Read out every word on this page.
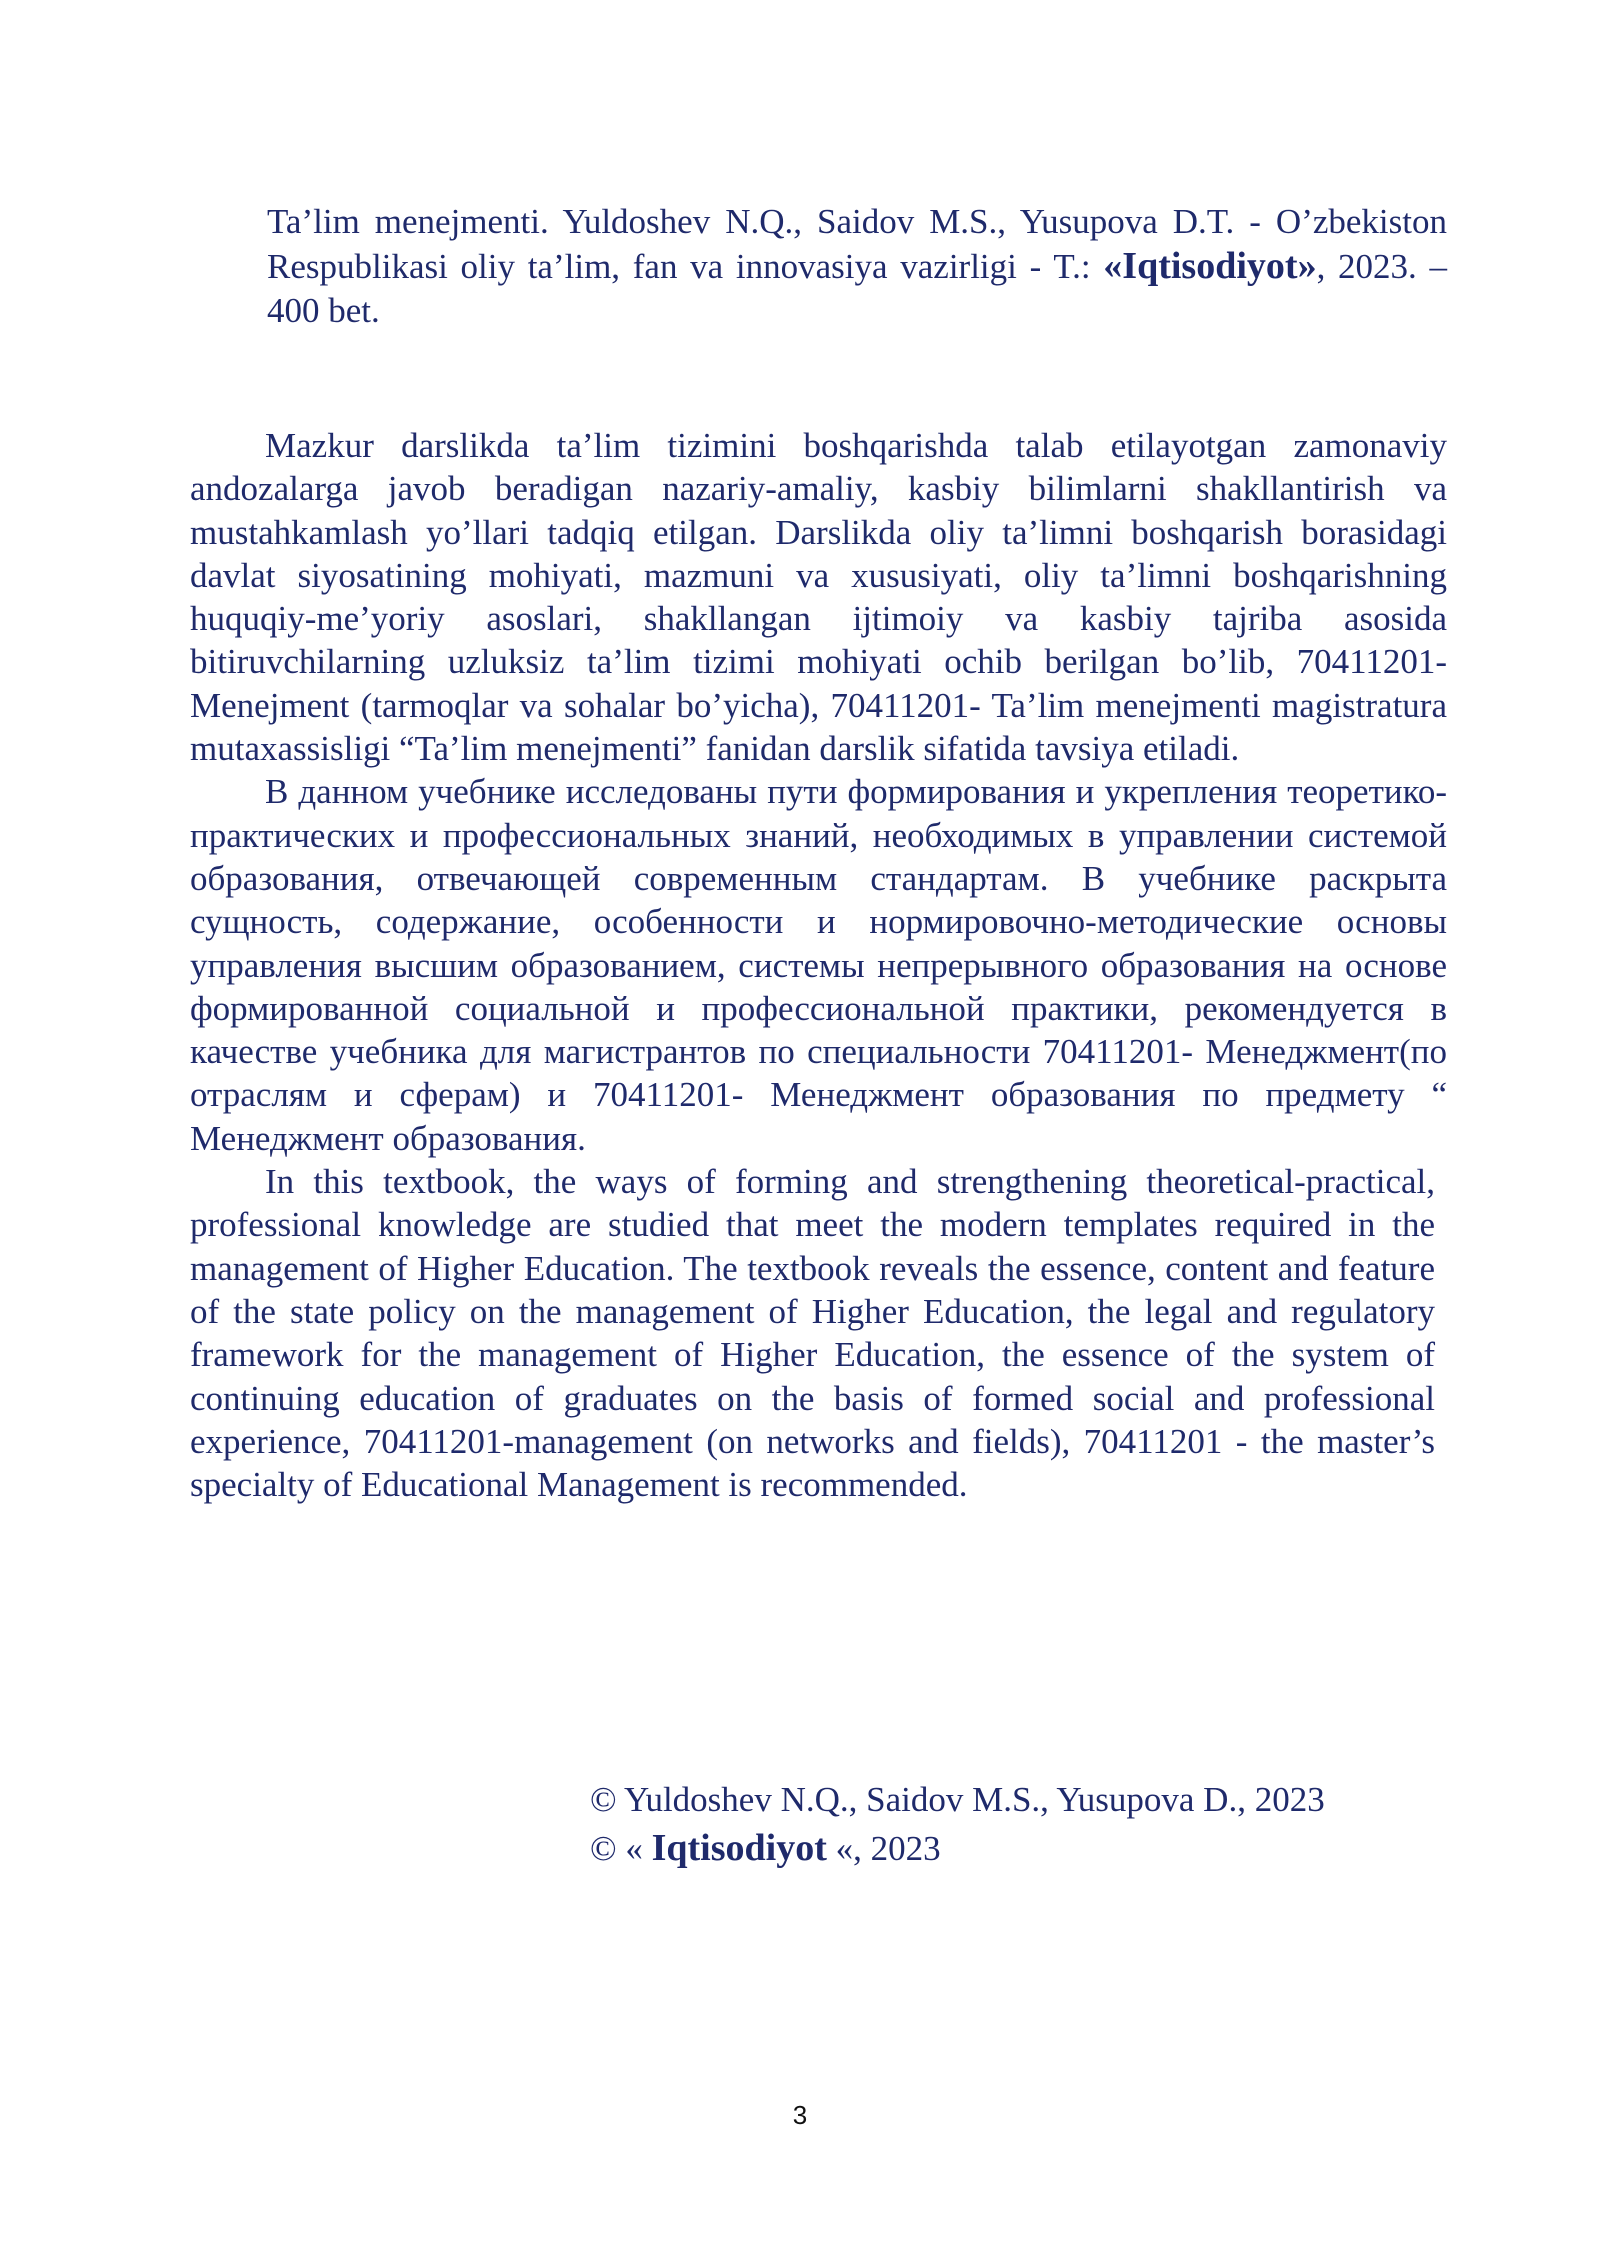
Ta’lim menejmenti. Yuldoshev N.Q., Saidov M.S., Yusupova D.T. - O’zbekiston Respublikasi oliy ta’lim, fan va innovasiya vazirligi - T.: «Iqtisodiyot», 2023. – 400 bet.

Mazkur darslikda ta’lim tizimini boshqarishda talab etilayotgan zamonaviy andozalarga javob beradigan nazariy-amaliy, kasbiy bilimlarni shakllantirish va mustahkamlash yo’llari tadqiq etilgan. Darslikda oliy ta’limni boshqarish borasidagi davlat siyosatining mohiyati, mazmuni va xususiyati, oliy ta’limni boshqarishning huquqiy-me’yoriy asoslari, shakllangan ijtimoiy va kasbiy tajriba asosida bitiruvchilarning uzluksiz ta’lim tizimi mohiyati ochib berilgan bo’lib, 70411201- Menejment (tarmoqlar va sohalar bo’yicha), 70411201- Ta’lim menejmenti magistratura mutaxassisligi “Ta’lim menejmenti” fanidan darslik sifatida tavsiya etiladi.

В данном учебнике исследованы пути формирования и укрепления теоретико-практических и профессиональных знаний, необходимых в управлении системой образования, отвечающей современным стандартам. В учебнике раскрыта сущность, содержание, особенности и нормировочно-методические основы управления высшим образованием, системы непрерывного образования на основе формированной социальной и профессиональной практики, рекомендуется в качестве учебника для магистрантов по специальности 70411201- Менеджмент(по отраслям и сферам) и 70411201- Менеджмент образования по предмету “ Менеджмент образования.

In this textbook, the ways of forming and strengthening theoretical-practical, professional knowledge are studied that meet the modern templates required in the management of Higher Education. The textbook reveals the essence, content and feature of the state policy on the management of Higher Education, the legal and regulatory framework for the management of Higher Education, the essence of the system of continuing education of graduates on the basis of formed social and professional experience, 70411201-management (on networks and fields), 70411201 - the master’s specialty of Educational Management is recommended.

© Yuldoshev N.Q., Saidov M.S., Yusupova D., 2023
© « Iqtisodiyot «, 2023
3
